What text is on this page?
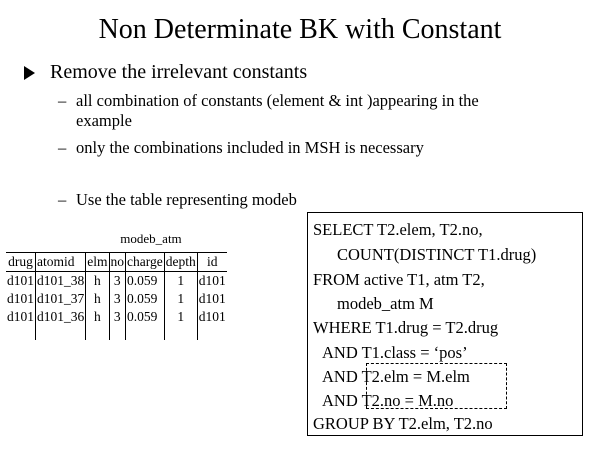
Non Determinate BK with Constant
Remove the irrelevant constants
– all combination of constants (element & int )appearing in the
example
– only the combinations included in MSH is necessary
– Use the table representing modeb
modeb_atm
drug	atomid	elm	no	charge	depth	id
d101	d101_38	h	3	0.059	1	d101
d101	d101_37	h	3	0.059	1	d101
d101	d101_36	h	3	0.059	1	d101
SELECT T2.elem, T2.no,
COUNT(DISTINCT T1.drug)
FROM active T1, atm T2,
modeb_atm M
WHERE T1.drug = T2.drug
AND T1.class = ‘pos’
AND T2.elm = M.elm
AND T2.no = M.no
GROUP BY T2.elm, T2.no
